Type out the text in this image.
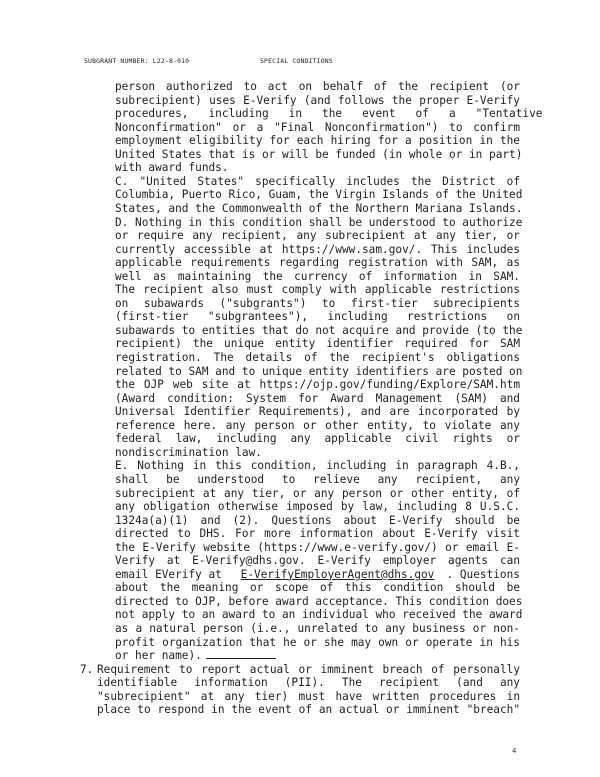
SUBGRANT NUMBER: L22-8-010	SPECIAL CONDITIONS
person authorized to act on behalf of the recipient (or
subrecipient) uses E-Verify (and follows the proper E-Verify
procedures,   including   in   the   event   of   a   "Tentative
Nonconfirmation" or a "Final Nonconfirmation") to confirm
employment eligibility for each hiring for a position in the
United States that is or will be funded (in whole or in part)
with award funds.
C. "United States" specifically includes the District of
Columbia, Puerto Rico, Guam, the Virgin Islands of the United
States, and the Commonwealth of the Northern Mariana Islands.
D. Nothing in this condition shall be understood to authorize
or require any recipient, any subrecipient at any tier, or
currently accessible at https://www.sam.gov/. This includes
applicable requirements regarding registration with SAM, as
well as maintaining the currency of information in SAM.
The recipient also must comply with applicable restrictions
on  subawards  ("subgrants")  to  first-tier  subrecipients
(first-tier  "subgrantees"),  including  restrictions  on
subawards to entities that do not acquire and provide (to the
recipient) the unique entity identifier required for SAM
registration. The details of the recipient's obligations
related to SAM and to unique entity identifiers are posted on
the OJP web site at https://ojp.gov/funding/Explore/SAM.htm
(Award condition: System for Award Management (SAM) and
Universal Identifier Requirements), and are incorporated by
reference here. any person or other entity, to violate any
federal  law,  including  any  applicable  civil  rights  or
nondiscrimination law.
E. Nothing in this condition, including in paragraph 4.B.,
shall  be  understood  to  relieve  any  recipient,  any
subrecipient at any tier, or any person or other entity, of
any obligation otherwise imposed by law, including 8 U.S.C.
1324a(a)(1) and (2). Questions about E-Verify should be
directed to DHS. For more information about E-Verify visit
the E-Verify website (https://www.e-verify.gov/) or email E-
Verify at E-Verify@dhs.gov. E-Verify employer agents can
email EVerify at E-VerifyEmployerAgent@dhs.gov . Questions
about the meaning or scope of this condition should be
directed to OJP, before award acceptance. This condition does
not apply to an award to an individual who received the award
as a natural person (i.e., unrelated to any business or non-
profit organization that he or she may own or operate in his
or her name).
7. Requirement to report actual or imminent breach of personally
identifiable  information  (PII).  The  recipient  (and  any
"subrecipient" at any tier) must have written procedures in
place to respond in the event of an actual or imminent "breach"
4
